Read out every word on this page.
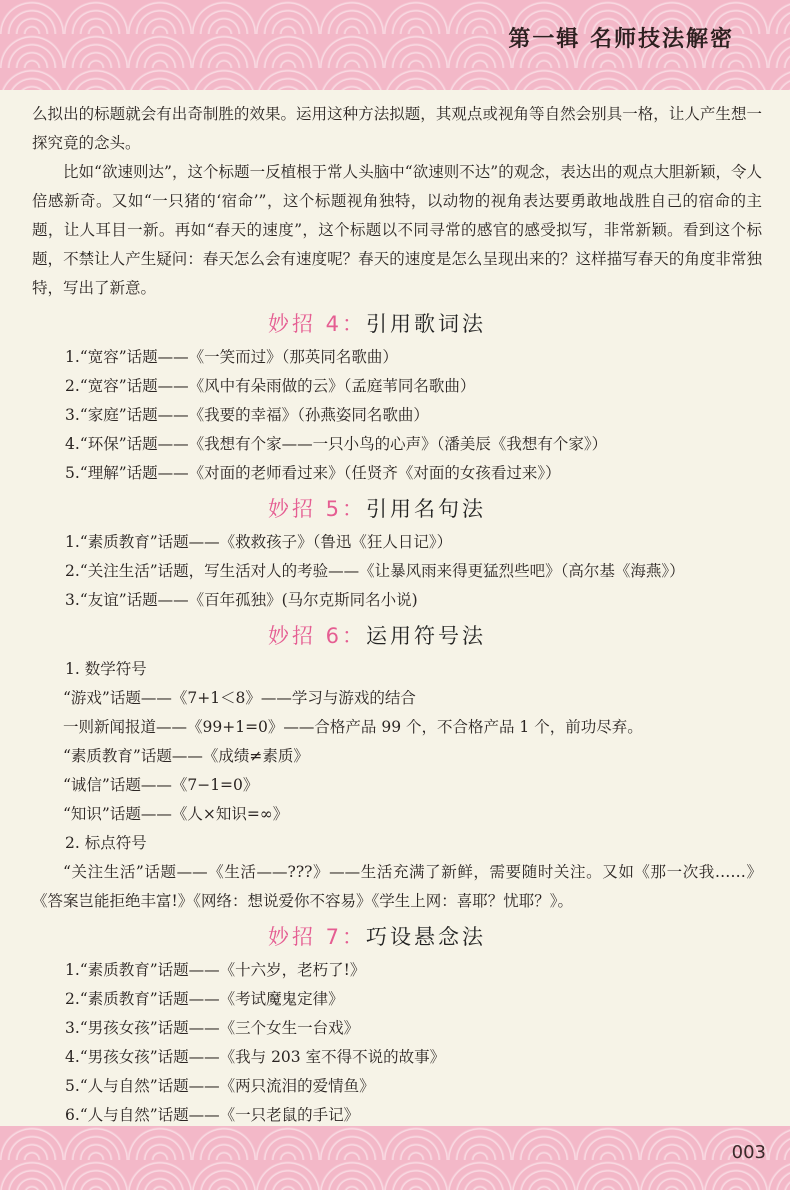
第一辑 名师技法解密

么拟出的标题就会有出奇制胜的效果。运用这种方法拟题，其观点或视角等自然会别具一格，让人产生想一探究竟的念头。

比如“欲速则达”，这个标题一反植根于常人头脑中“欲速则不达”的观念，表达出的观点大胆新颖，令人倍感新奇。又如“一只猪的‘宿命’”，这个标题视角独特，以动物的视角表达要勇敢地战胜自己的宿命的主题，让人耳目一新。再如“春天的速度”，这个标题以不同寻常的感官的感受拟写，非常新颖。看到这个标题，不禁让人产生疑问：春天怎么会有速度呢？春天的速度是怎么呈现出来的？这样描写春天的角度非常独特，写出了新意。

妙招 4：引用歌词法

1.“宽容”话题——《一笑而过》（那英同名歌曲）

2.“宽容”话题——《风中有朵雨做的云》（孟庭苇同名歌曲）

3.“家庭”话题——《我要的幸福》（孙燕姿同名歌曲）

4.“环保”话题——《我想有个家——一只小鸟的心声》（潘美辰《我想有个家》）

5.“理解”话题——《对面的老师看过来》（任贤齐《对面的女孩看过来》）

妙招 5：引用名句法

1.“素质教育”话题——《救救孩子》（鲁迅《狂人日记》）

2.“关注生活”话题，写生活对人的考验——《让暴风雨来得更猛烈些吧》（高尔基《海燕》）

3.“友谊”话题——《百年孤独》(马尔克斯同名小说)

妙招 6：运用符号法

1. 数学符号

“游戏”话题——《7+1＜8》——学习与游戏的结合

一则新闻报道——《99+1=0》——合格产品 99 个，不合格产品 1 个，前功尽弃。

“素质教育”话题——《成绩≠素质》

“诚信”话题——《7−1=0》

“知识”话题——《人×知识=∞》

2. 标点符号

“关注生活”话题——《生活——???》——生活充满了新鲜，需要随时关注。又如《那一次我……》《答案岂能拒绝丰富!》《网络：想说爱你不容易》《学生上网：喜耶？忧耶？》。

妙招 7：巧设悬念法

1.“素质教育”话题——《十六岁，老朽了!》

2.“素质教育”话题——《考试魔鬼定律》

3.“男孩女孩”话题——《三个女生一台戏》

4.“男孩女孩”话题——《我与 203 室不得不说的故事》

5.“人与自然”话题——《两只流泪的爱情鱼》

6.“人与自然”话题——《一只老鼠的手记》

003
